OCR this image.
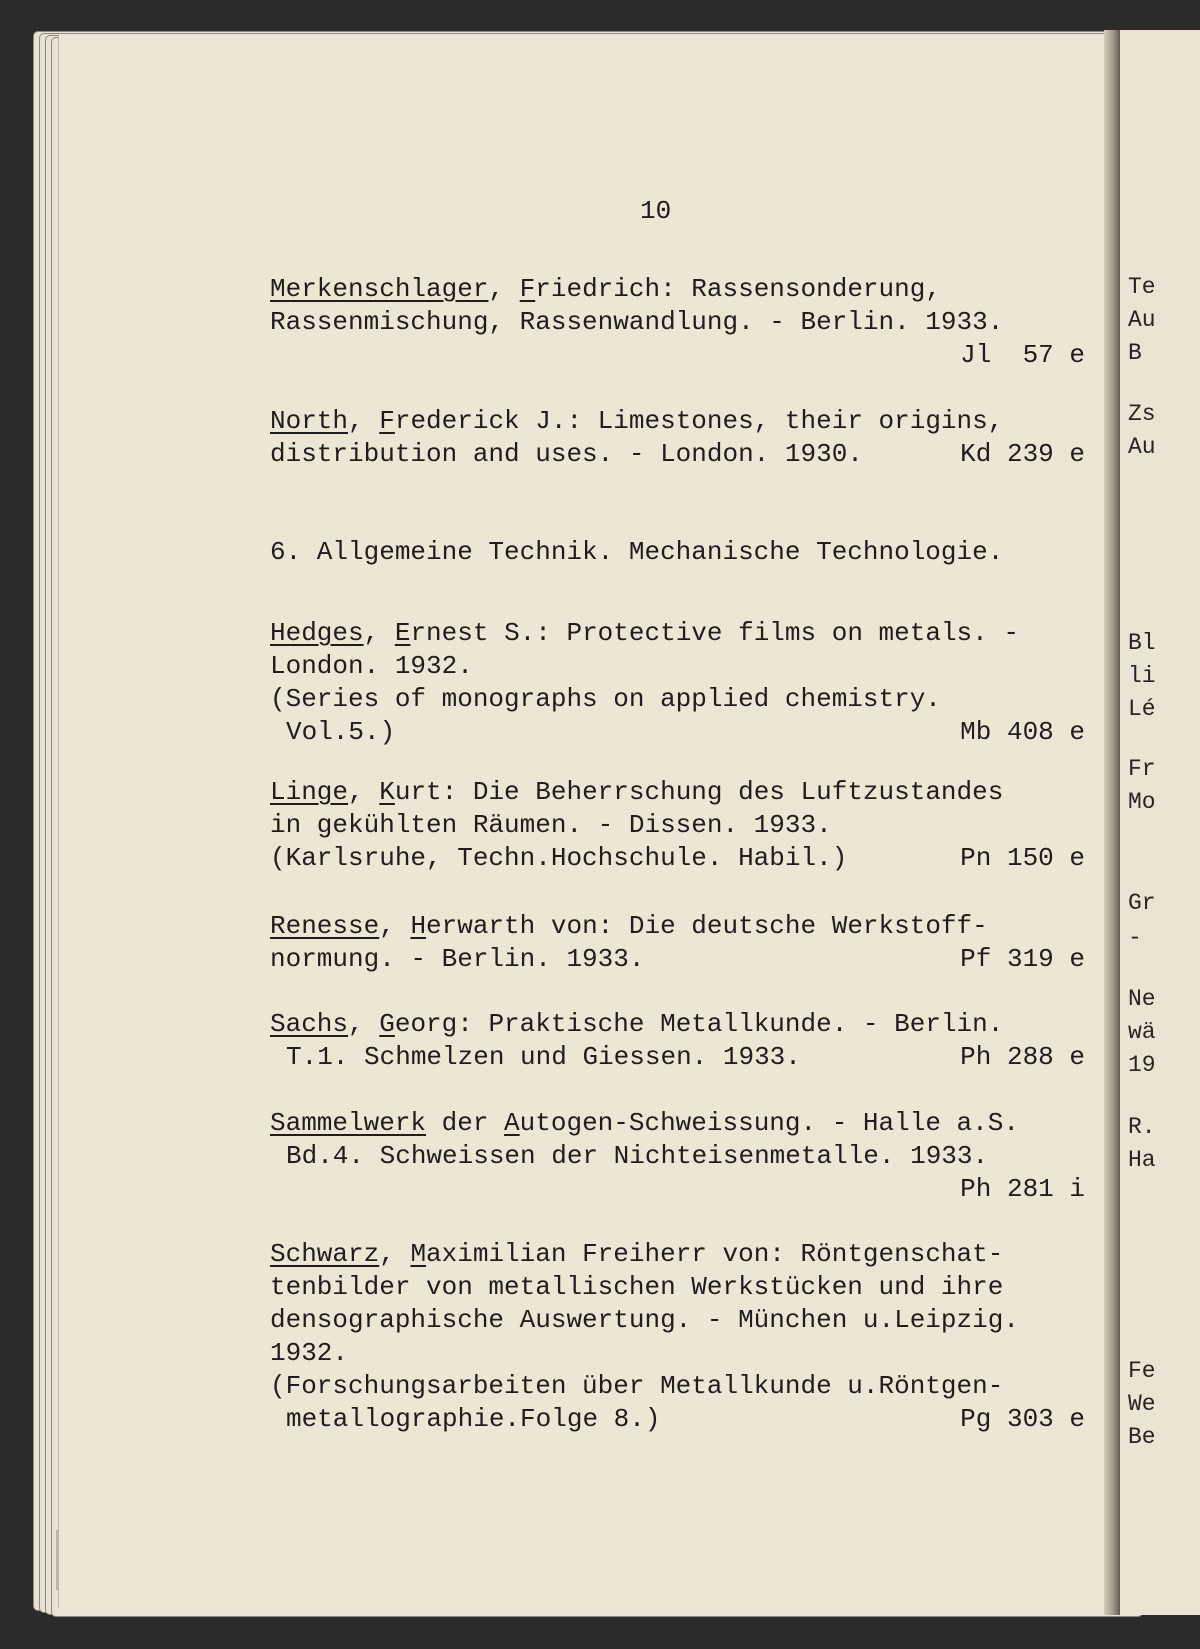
Te
Au
B
Zs
Au
Bl
li
Lé
Fr
Mo
Gr
-
Ne
wä
19
R.
Ha
Fe
We
Be
10
Merkenschlager, Friedrich: Rassensonderung,
Rassenmischung, Rassenwandlung. - Berlin. 1933.
Jl  57 e
North, Frederick J.: Limestones, their origins,
distribution and uses. - London. 1930.	Kd 239 e
6. Allgemeine Technik. Mechanische Technologie.
Hedges, Ernest S.: Protective films on metals. -
London. 1932.
(Series of monographs on applied chemistry.
Vol.5.)	Mb 408 e
Linge, Kurt: Die Beherrschung des Luftzustandes
in gekühlten Räumen. - Dissen. 1933.
(Karlsruhe, Techn.Hochschule. Habil.)	Pn 150 e
Renesse, Herwarth von: Die deutsche Werkstoff-
normung. - Berlin. 1933.	Pf 319 e
Sachs, Georg: Praktische Metallkunde. - Berlin.
T.1. Schmelzen und Giessen. 1933.	Ph 288 e
Sammelwerk der Autogen-Schweissung. - Halle a.S.
Bd.4. Schweissen der Nichteisenmetalle. 1933.
Ph 281 i
Schwarz, Maximilian Freiherr von: Röntgenschat-
tenbilder von metallischen Werkstücken und ihre
densographische Auswertung. - München u.Leipzig.
1932.
(Forschungsarbeiten über Metallkunde u.Röntgen-
metallographie.Folge 8.)	Pg 303 e
